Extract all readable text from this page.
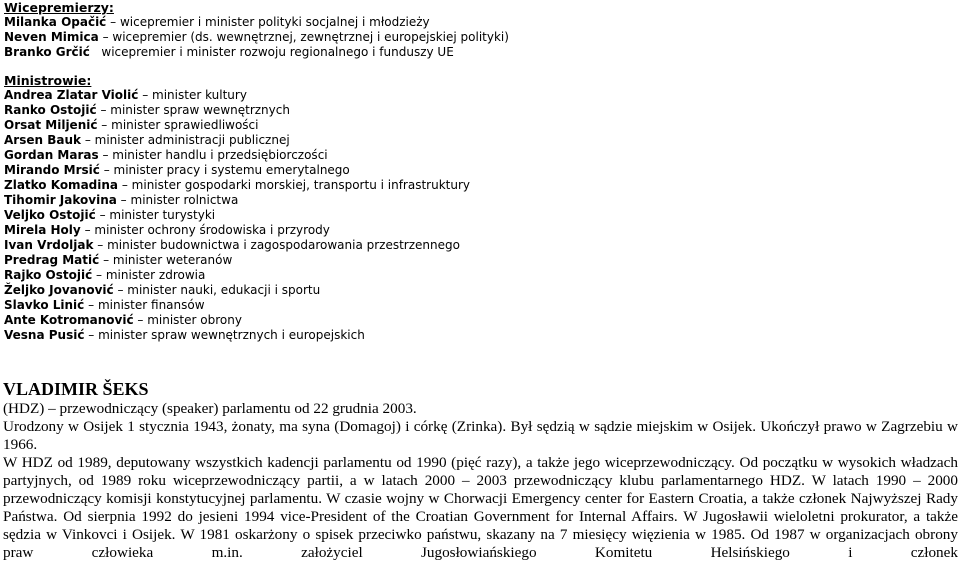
Wicepremierzy:
Milanka Opačić – wicepremier i minister polityki socjalnej i młodzieży
Neven Mimica – wicepremier (ds. wewnętrznej, zewnętrznej i europejskiej polityki)
Branko Grčić wicepremier i minister rozwoju regionalnego i funduszy UE
Ministrowie:
Andrea Zlatar Violić – minister kultury
Ranko Ostojić – minister spraw wewnętrznych
Orsat Miljenić – minister sprawiedliwości
Arsen Bauk – minister administracji publicznej
Gordan Maras – minister handlu i przedsiębiorczości
Mirando Mrsić – minister pracy i systemu emerytalnego
Zlatko Komadina – minister gospodarki morskiej, transportu i infrastruktury
Tihomir Jakovina – minister rolnictwa
Veljko Ostojić – minister turystyki
Mirela Holy – minister ochrony środowiska i przyrody
Ivan Vrdoljak – minister budownictwa i zagospodarowania przestrzennego
Predrag Matić – minister weteranów
Rajko Ostojić – minister zdrowia
Željko Jovanović – minister nauki, edukacji i sportu
Slavko Linić – minister finansów
Ante Kotromanović – minister obrony
Vesna Pusić – minister spraw wewnętrznych i europejskich
VLADIMIR ŠEKS

(HDZ) – przewodniczący (speaker) parlamentu od 22 grudnia 2003.

Urodzony w Osijek 1 stycznia 1943, żonaty, ma syna (Domagoj) i córkę (Zrinka). Był sędzią w sądzie miejskim w Osijek. Ukończył prawo w Zagrzebiu w 1966.

W HDZ od 1989, deputowany wszystkich kadencji parlamentu od 1990 (pięć razy), a także jego wiceprzewodniczący. Od początku w wysokich władzach partyjnych, od 1989 roku wiceprzewodniczący partii, a w latach 2000 – 2003 przewodniczący klubu parlamentarnego HDZ. W latach 1990 – 2000 przewodniczący komisji konstytucyjnej parlamentu. W czasie wojny w Chorwacji Emergency center for Eastern Croatia, a także członek Najwyższej Rady Państwa. Od sierpnia 1992 do jesieni 1994 vice-President of the Croatian Government for Internal Affairs. W Jugosławii wieloletni prokurator, a także sędzia w Vinkovci i Osijek. W 1981 oskarżony o spisek przeciwko państwu, skazany na 7 miesięcy więzienia w 1985. Od 1987 w organizacjach obrony praw człowieka m.in. założyciel Jugosłowiańskiego Komitetu Helsińskiego i członek
